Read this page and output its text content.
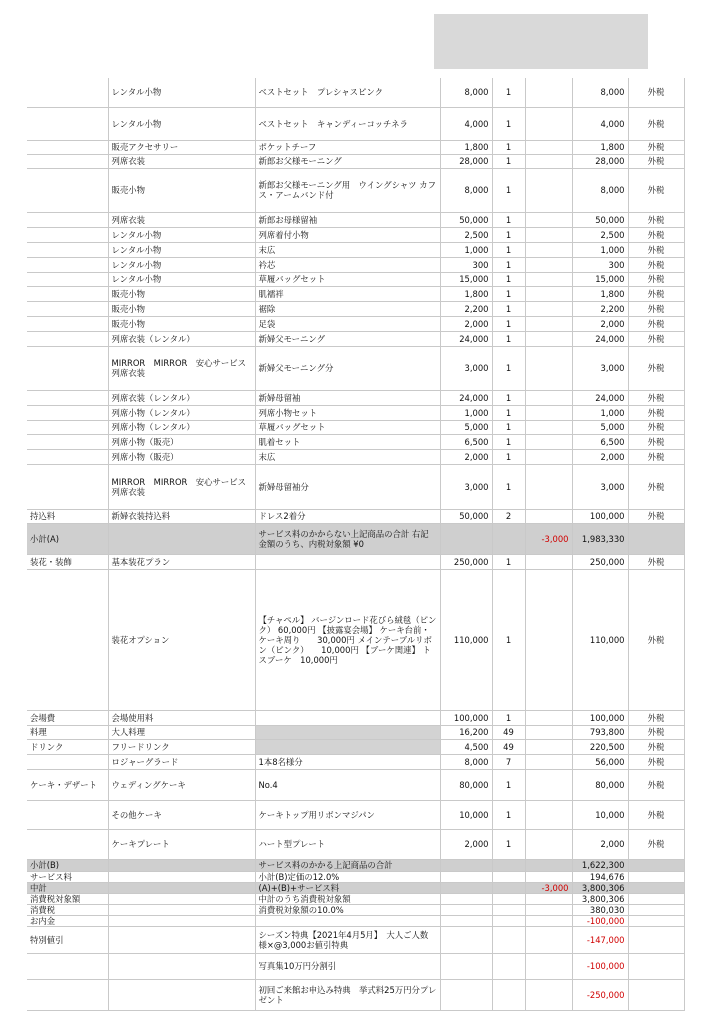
	レンタル小物	ベストセット　プレシャスピンク	8,000	1		8,000	外税
	レンタル小物	ベストセット　キャンディーコッチネラ	4,000	1		4,000	外税
	販売アクセサリー	ポケットチーフ	1,800	1		1,800	外税
	列席衣装	新郎お父様モーニング	28,000	1		28,000	外税
	販売小物	新郎お父様モーニング用　ウイングシャツ カフス・アームバンド付	8,000	1		8,000	外税
	列席衣装	新郎お母様留袖	50,000	1		50,000	外税
	レンタル小物	列席着付小物	2,500	1		2,500	外税
	レンタル小物	末広	1,000	1		1,000	外税
	レンタル小物	衿芯	300	1		300	外税
	レンタル小物	草履バッグセット	15,000	1		15,000	外税
	販売小物	肌襦袢	1,800	1		1,800	外税
	販売小物	裾除	2,200	1		2,200	外税
	販売小物	足袋	2,000	1		2,000	外税
	列席衣装（レンタル）	新婦父モーニング	24,000	1		24,000	外税
	MIRROR　MIRROR　安心サービス　列席衣装	新婦父モーニング分	3,000	1		3,000	外税
	列席衣装（レンタル）	新婦母留袖	24,000	1		24,000	外税
	列席小物（レンタル）	列席小物セット	1,000	1		1,000	外税
	列席小物（レンタル）	草履バッグセット	5,000	1		5,000	外税
	列席小物（販売）	肌着セット	6,500	1		6,500	外税
	列席小物（販売）	末広	2,000	1		2,000	外税
	MIRROR　MIRROR　安心サービス　列席衣装	新婦母留袖分	3,000	1		3,000	外税
持込料	新婦衣装持込料	ドレス2着分	50,000	2		100,000	外税
小計(A)		サービス料のかからない上記商品の合計 右記金額のうち、内税対象額 ¥0			-3,000	1,983,330	
装花・装飾	基本装花プラン		250,000	1		250,000	外税
	装花オプション	【チャペル】 バージンロード花びら絨毯（ピンク） 60,000円 【披露宴会場】 ケーキ台前・ケーキ周り　　30,000円 メインテーブルリボン（ピンク）　　10,000円 【ブーケ関連】 トスブーケ　10,000円	110,000	1		110,000	外税
会場費	会場使用料		100,000	1		100,000	外税
料理	大人料理		16,200	49		793,800	外税
ドリンク	フリードリンク		4,500	49		220,500	外税
	ロジャーグラード	1本8名様分	8,000	7		56,000	外税
ケーキ・デザート	ウェディングケーキ	No.4	80,000	1		80,000	外税
	その他ケーキ	ケーキトップ用リボンマジパン	10,000	1		10,000	外税
	ケーキプレート	ハート型プレート	2,000	1		2,000	外税
小計(B)		サービス料のかかる上記商品の合計				1,622,300	
サービス料		小計(B)定価の12.0%				194,676	
中計		(A)+(B)+サービス料			-3,000	3,800,306	
消費税対象額		中計のうち消費税対象額				3,800,306	
消費税		消費税対象額の10.0%				380,030	
お内金						-100,000	
特別値引		シーズン特典【2021年4月5月】　大人ご人数様×@3,000お値引特典				-147,000	
		写真集10万円分割引				-100,000	
		初回ご来館お申込み特典　挙式料25万円分プレゼント				-250,000	
